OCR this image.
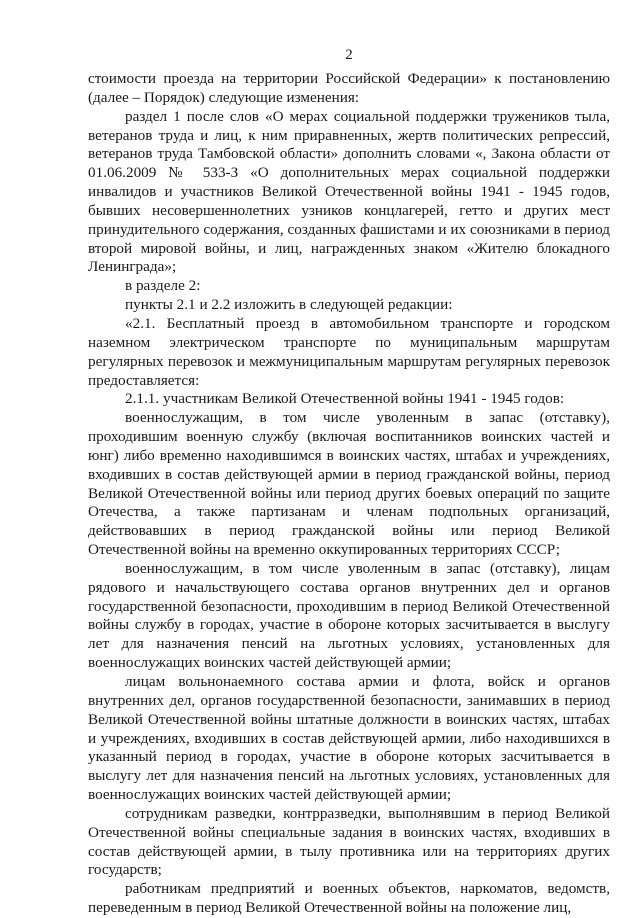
2

стоимости проезда на территории Российской Федерации» к постановлению (далее – Порядок) следующие изменения:

раздел 1 после слов «О мерах социальной поддержки тружеников тыла, ветеранов труда и лиц, к ним приравненных, жертв политических репрессий, ветеранов труда Тамбовской области» дополнить словами «, Закона области от 01.06.2009 № 533-З «О дополнительных мерах социальной поддержки инвалидов и участников Великой Отечественной войны 1941 - 1945 годов, бывших несовершеннолетних узников концлагерей, гетто и других мест принудительного содержания, созданных фашистами и их союзниками в период второй мировой войны, и лиц, награжденных знаком «Жителю блокадного Ленинграда»;

в разделе 2:

пункты 2.1 и 2.2 изложить в следующей редакции:

«2.1. Бесплатный проезд в автомобильном транспорте и городском наземном электрическом транспорте по муниципальным маршрутам регулярных перевозок и межмуниципальным маршрутам регулярных перевозок предоставляется:

2.1.1. участникам Великой Отечественной войны 1941 - 1945 годов:

военнослужащим, в том числе уволенным в запас (отставку), проходившим военную службу (включая воспитанников воинских частей и юнг) либо временно находившимся в воинских частях, штабах и учреждениях, входивших в состав действующей армии в период гражданской войны, период Великой Отечественной войны или период других боевых операций по защите Отечества, а также партизанам и членам подпольных организаций, действовавших в период гражданской войны или период Великой Отечественной войны на временно оккупированных территориях СССР;

военнослужащим, в том числе уволенным в запас (отставку), лицам рядового и начальствующего состава органов внутренних дел и органов государственной безопасности, проходившим в период Великой Отечественной войны службу в городах, участие в обороне которых засчитывается в выслугу лет для назначения пенсий на льготных условиях, установленных для военнослужащих воинских частей действующей армии;

лицам вольнонаемного состава армии и флота, войск и органов внутренних дел, органов государственной безопасности, занимавших в период Великой Отечественной войны штатные должности в воинских частях, штабах и учреждениях, входивших в состав действующей армии, либо находившихся в указанный период в городах, участие в обороне которых засчитывается в выслугу лет для назначения пенсий на льготных условиях, установленных для военнослужащих воинских частей действующей армии;

сотрудникам разведки, контрразведки, выполнявшим в период Великой Отечественной войны специальные задания в воинских частях, входивших в состав действующей армии, в тылу противника или на территориях других государств;

работникам предприятий и военных объектов, наркоматов, ведомств, переведенным в период Великой Отечественной войны на положение лиц,
